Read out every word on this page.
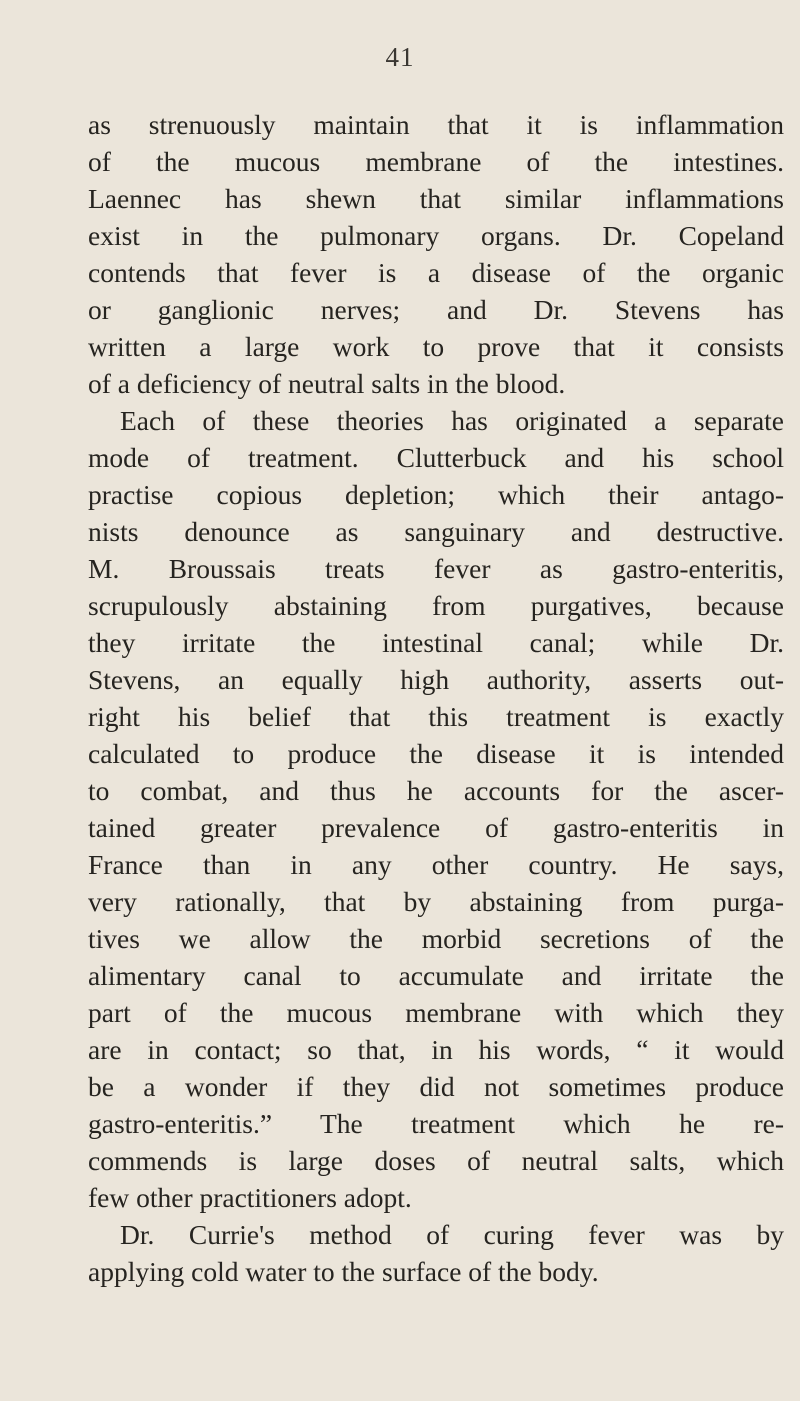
41
as strenuously maintain that it is inflammation
of the mucous membrane of the intestines.
Laennec has shewn that similar inflammations
exist in the pulmonary organs. Dr. Copeland
contends that fever is a disease of the organic
or ganglionic nerves; and Dr. Stevens has
written a large work to prove that it consists
of a deficiency of neutral salts in the blood.
Each of these theories has originated a separate
mode of treatment. Clutterbuck and his school
practise copious depletion; which their antago-
nists denounce as sanguinary and destructive.
M. Broussais treats fever as gastro-enteritis,
scrupulously abstaining from purgatives, because
they irritate the intestinal canal; while Dr.
Stevens, an equally high authority, asserts out-
right his belief that this treatment is exactly
calculated to produce the disease it is intended
to combat, and thus he accounts for the ascer-
tained greater prevalence of gastro-enteritis in
France than in any other country. He says,
very rationally, that by abstaining from purga-
tives we allow the morbid secretions of the
alimentary canal to accumulate and irritate the
part of the mucous membrane with which they
are in contact; so that, in his words, “ it would
be a wonder if they did not sometimes produce
gastro-enteritis.” The treatment which he re-
commends is large doses of neutral salts, which
few other practitioners adopt.
Dr. Currie's method of curing fever was by
applying cold water to the surface of the body.
